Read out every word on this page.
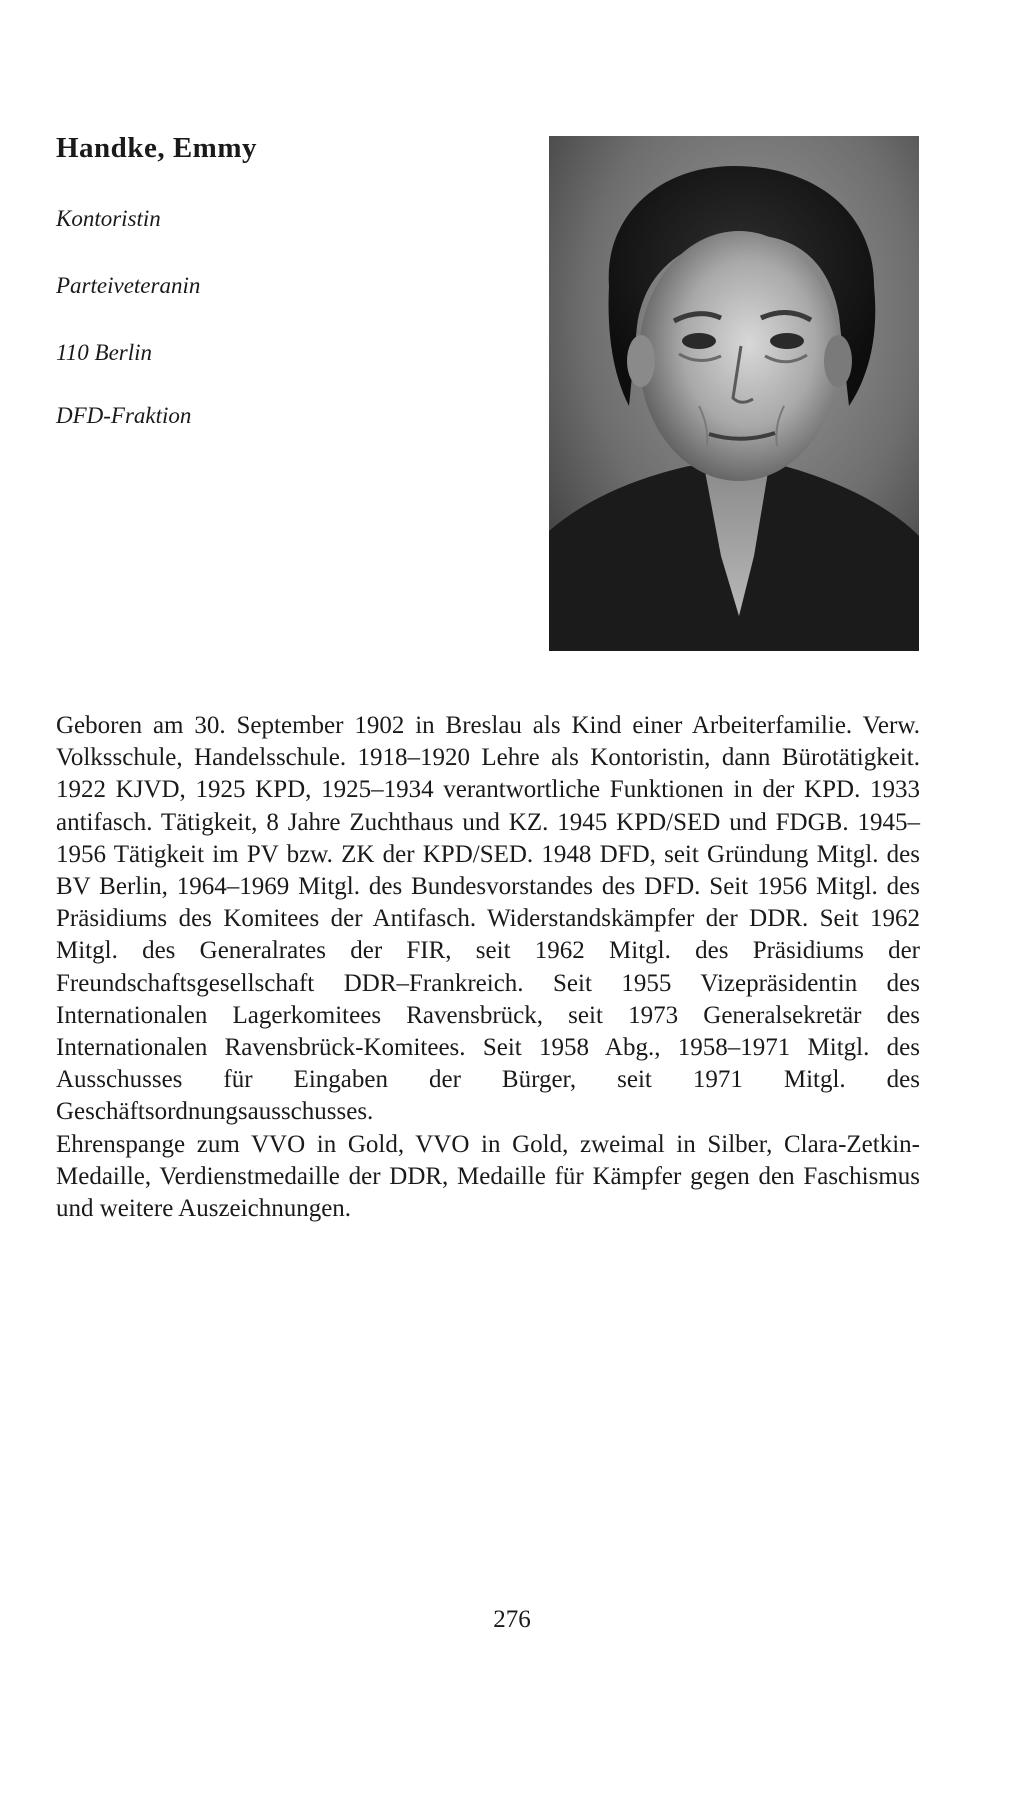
Handke, Emmy

Kontoristin

Parteiveteranin

110 Berlin

DFD-Fraktion

Geboren am 30. September 1902 in Breslau als Kind einer Arbeiterfamilie. Verw. Volksschule, Handelsschule. 1918–1920 Lehre als Kontoristin, dann Bürotätigkeit. 1922 KJVD, 1925 KPD, 1925–1934 verantwortliche Funktionen in der KPD. 1933 antifasch. Tätigkeit, 8 Jahre Zuchthaus und KZ. 1945 KPD/SED und FDGB. 1945–1956 Tätigkeit im PV bzw. ZK der KPD/SED. 1948 DFD, seit Gründung Mitgl. des BV Berlin, 1964–1969 Mitgl. des Bundesvorstandes des DFD. Seit 1956 Mitgl. des Präsidiums des Komitees der Antifasch. Widerstandskämpfer der DDR. Seit 1962 Mitgl. des Generalrates der FIR, seit 1962 Mitgl. des Präsidiums der Freundschaftsgesellschaft DDR–Frankreich. Seit 1955 Vizepräsidentin des Internationalen Lagerkomitees Ravensbrück, seit 1973 Generalsekretär des Internationalen Ravensbrück-Komitees. Seit 1958 Abg., 1958–1971 Mitgl. des Ausschusses für Eingaben der Bürger, seit 1971 Mitgl. des Geschäftsordnungsausschusses.

Ehrenspange zum VVO in Gold, VVO in Gold, zweimal in Silber, Clara-Zetkin-Medaille, Verdienstmedaille der DDR, Medaille für Kämpfer gegen den Faschismus und weitere Auszeichnungen.

276
